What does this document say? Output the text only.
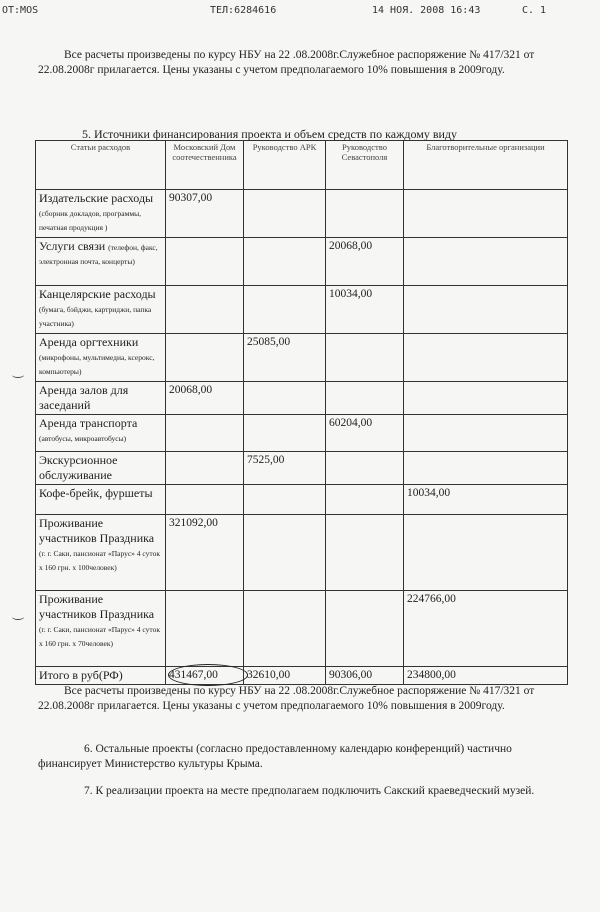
OT:MOS	ТЕЛ:6284616	14 НОЯ. 2008 16:43	С. 1

Все расчеты произведены по курсу НБУ на 22 .08.2008г.Служебное распоряжение № 417/321 от 22.08.2008г прилагается. Цены указаны с учетом предполагаемого 10% повышения в 2009году.

5. Источники финансирования проекта и объем средств по каждому виду
Статьи расходов	Московский Дом соотечественника	Руководство АРК	Руководство Севастополя	Благотворительные организации
Издательские расходы (сборник докладов, программы, печатная продукция )	90307,00			
Услуги связи (телефон, факс, электронная почта, концерты)			20068,00	
Канцелярские расходы (бумага, бэйджи, картриджи, папка участника)			10034,00	
Аренда оргтехники (микрофоны, мультимедиа, ксерокс, компьютеры)		25085,00		
Аренда залов для заседаний	20068,00			
Аренда транспорта (автобусы, микроавтобусы)			60204,00	
Экскурсионное обслуживание		7525,00		
Кофе-брейк, фуршеты				10034,00
Проживание участников Праздника (г. г. Саки, пансионат «Парус» 4 суток х 160 грн. х 100человек)	321092,00			
Проживание участников Праздника (г. г. Саки, пансионат «Парус» 4 суток х 160 грн. х 70человек)				224766,00
Итого в руб(РФ)	431467,00	32610,00	90306,00	234800,00

Все расчеты произведены по курсу НБУ на 22 .08.2008г.Служебное распоряжение № 417/321 от 22.08.2008г прилагается. Цены указаны с учетом предполагаемого 10% повышения в 2009году.

6. Остальные проекты (согласно предоставленному календарю конференций) частично финансирует Министерство культуры Крыма.

7. К реализации проекта на месте предполагаем подключить Сакский краеведческий музей.
